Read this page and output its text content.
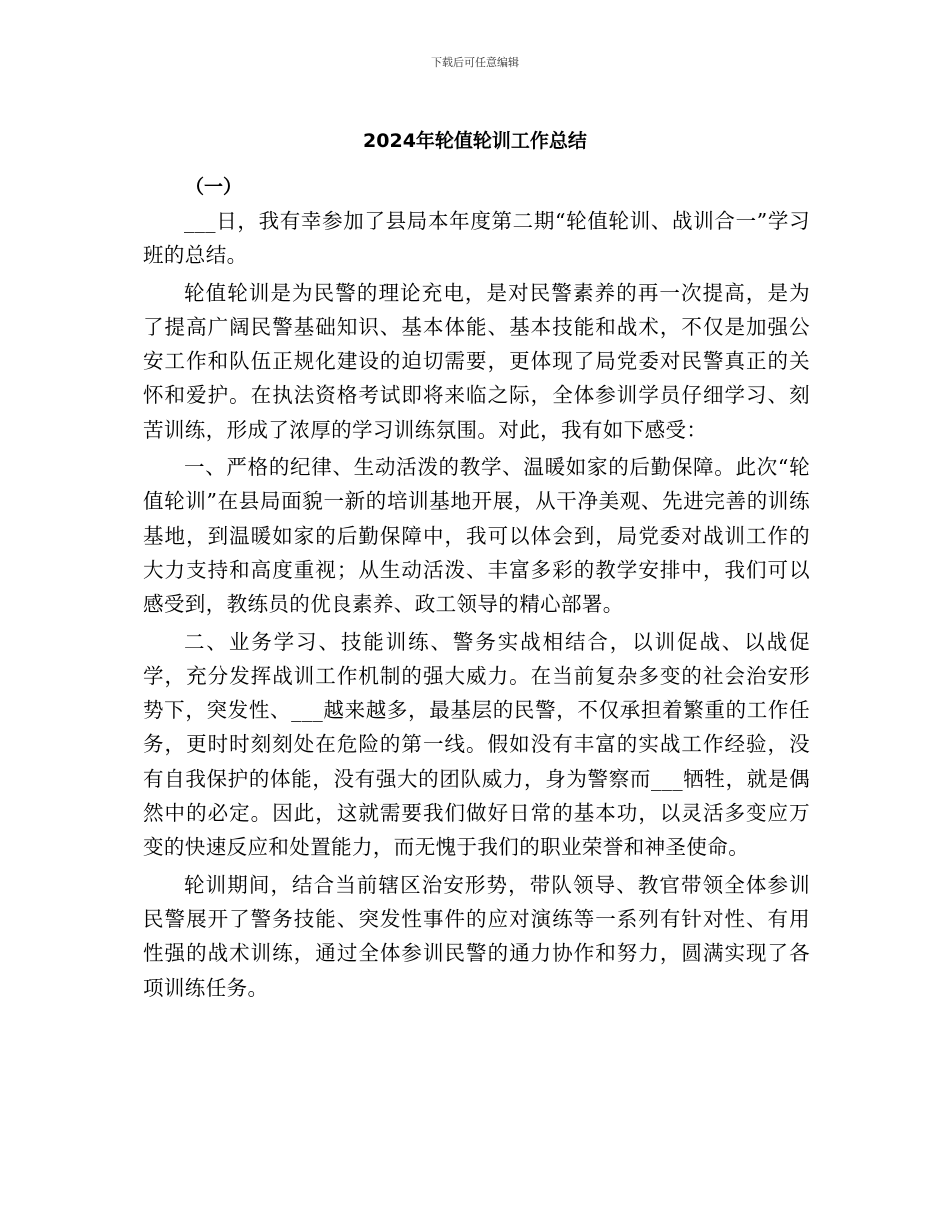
下载后可任意编辑
2024年轮值轮训工作总结
（一）

___日，我有幸参加了县局本年度第二期“轮值轮训、战训合一”学习班的总结。

轮值轮训是为民警的理论充电，是对民警素养的再一次提高，是为了提高广阔民警基础知识、基本体能、基本技能和战术，不仅是加强公安工作和队伍正规化建设的迫切需要，更体现了局党委对民警真正的关怀和爱护。在执法资格考试即将来临之际，全体参训学员仔细学习、刻苦训练，形成了浓厚的学习训练氛围。对此，我有如下感受：

一、严格的纪律、生动活泼的教学、温暖如家的后勤保障。此次“轮值轮训”在县局面貌一新的培训基地开展，从干净美观、先进完善的训练基地，到温暖如家的后勤保障中，我可以体会到，局党委对战训工作的大力支持和高度重视；从生动活泼、丰富多彩的教学安排中，我们可以感受到，教练员的优良素养、政工领导的精心部署。

二、业务学习、技能训练、警务实战相结合，以训促战、以战促学，充分发挥战训工作机制的强大威力。在当前复杂多变的社会治安形势下，突发性、___越来越多，最基层的民警，不仅承担着繁重的工作任务，更时时刻刻处在危险的第一线。假如没有丰富的实战工作经验，没有自我保护的体能，没有强大的团队威力，身为警察而___牺牲，就是偶然中的必定。因此，这就需要我们做好日常的基本功，以灵活多变应万变的快速反应和处置能力，而无愧于我们的职业荣誉和神圣使命。

轮训期间，结合当前辖区治安形势，带队领导、教官带领全体参训民警展开了警务技能、突发性事件的应对演练等一系列有针对性、有用性强的战术训练，通过全体参训民警的通力协作和努力，圆满实现了各项训练任务。
